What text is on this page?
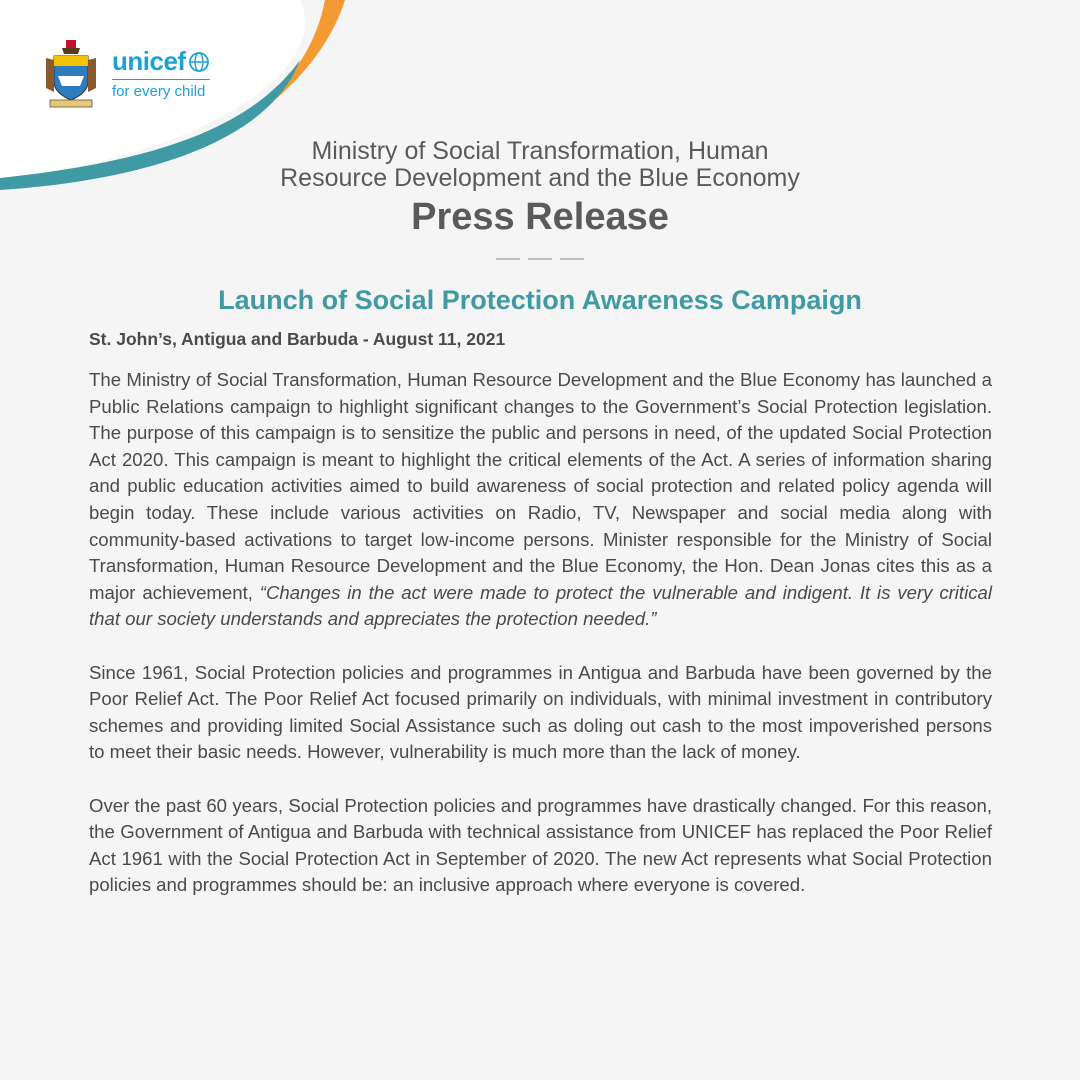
unicef
for every child
Ministry of Social Transformation, Human
Resource Development and the Blue Economy
Press Release
Launch of Social Protection Awareness Campaign
St. John’s, Antigua and Barbuda - August 11, 2021

The Ministry of Social Transformation, Human Resource Development and the Blue Economy has launched a Public Relations campaign to highlight significant changes to the Government’s Social Protection legislation. The purpose of this campaign is to sensitize the public and persons in need, of the updated Social Protection Act 2020. This campaign is meant to highlight the critical elements of the Act. A series of information sharing and public education activities aimed to build awareness of social protection and related policy agenda will begin today. These include various activities on Radio, TV, Newspaper and social media along with community-based activations to target low-income persons. Minister responsible for the Ministry of Social Transformation, Human Resource Development and the Blue Economy, the Hon. Dean Jonas cites this as a major achievement, “Changes in the act were made to protect the vulnerable and indigent. It is very critical that our society understands and appreciates the protection needed.”

Since 1961, Social Protection policies and programmes in Antigua and Barbuda have been governed by the Poor Relief Act. The Poor Relief Act focused primarily on individuals, with minimal investment in contributory schemes and providing limited Social Assistance such as doling out cash to the most impoverished persons to meet their basic needs. However, vulnerability is much more than the lack of money.

Over the past 60 years, Social Protection policies and programmes have drastically changed. For this reason, the Government of Antigua and Barbuda with technical assistance from UNICEF has replaced the Poor Relief Act 1961 with the Social Protection Act in September of 2020. The new Act represents what Social Protection policies and programmes should be: an inclusive approach where everyone is covered.
